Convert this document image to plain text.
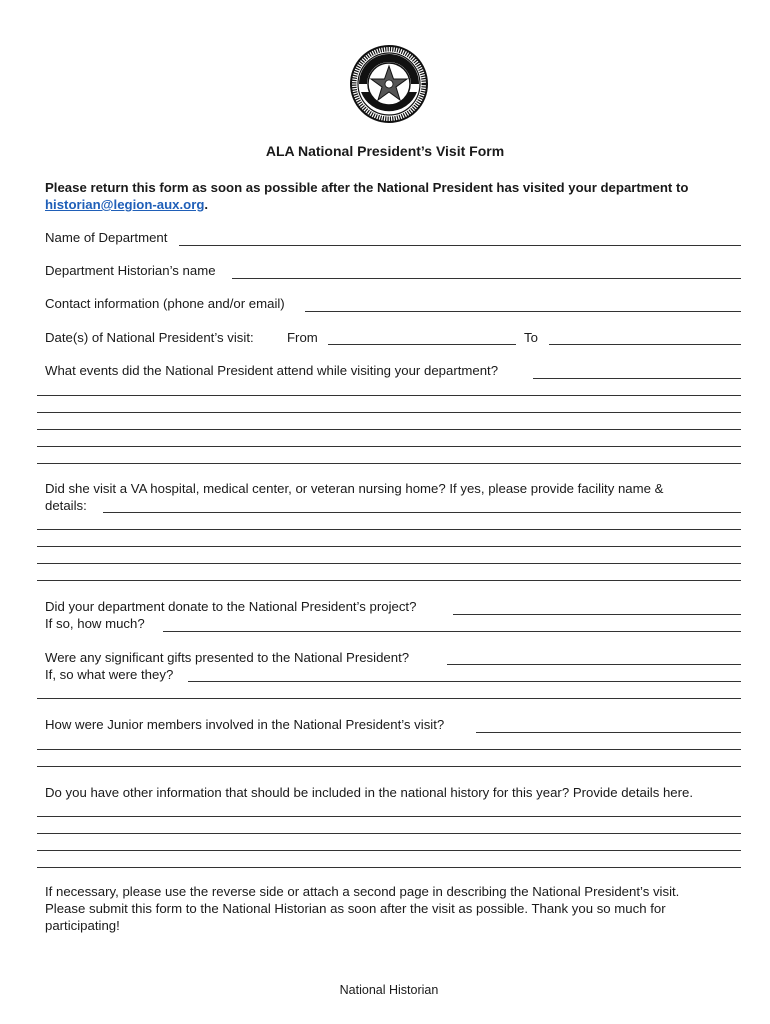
ALA National President’s Visit Form
Please return this form as soon as possible after the National President has visited your department to
historian@legion-aux.org.
Name of Department
Department Historian’s name
Contact information (phone and/or email)
Date(s) of National President’s visit:	From	To
What events did the National President attend while visiting your department?
Did she visit a VA hospital, medical center, or veteran nursing home? If yes, please provide facility name &
details:
Did your department donate to the National President’s project?
If so, how much?
Were any significant gifts presented to the National President?
If, so what were they?
How were Junior members involved in the National President’s visit?
Do you have other information that should be included in the national history for this year? Provide details here.
If necessary, please use the reverse side or attach a second page in describing the National President’s visit.
Please submit this form to the National Historian as soon after the visit as possible. Thank you so much for
participating!
National Historian
